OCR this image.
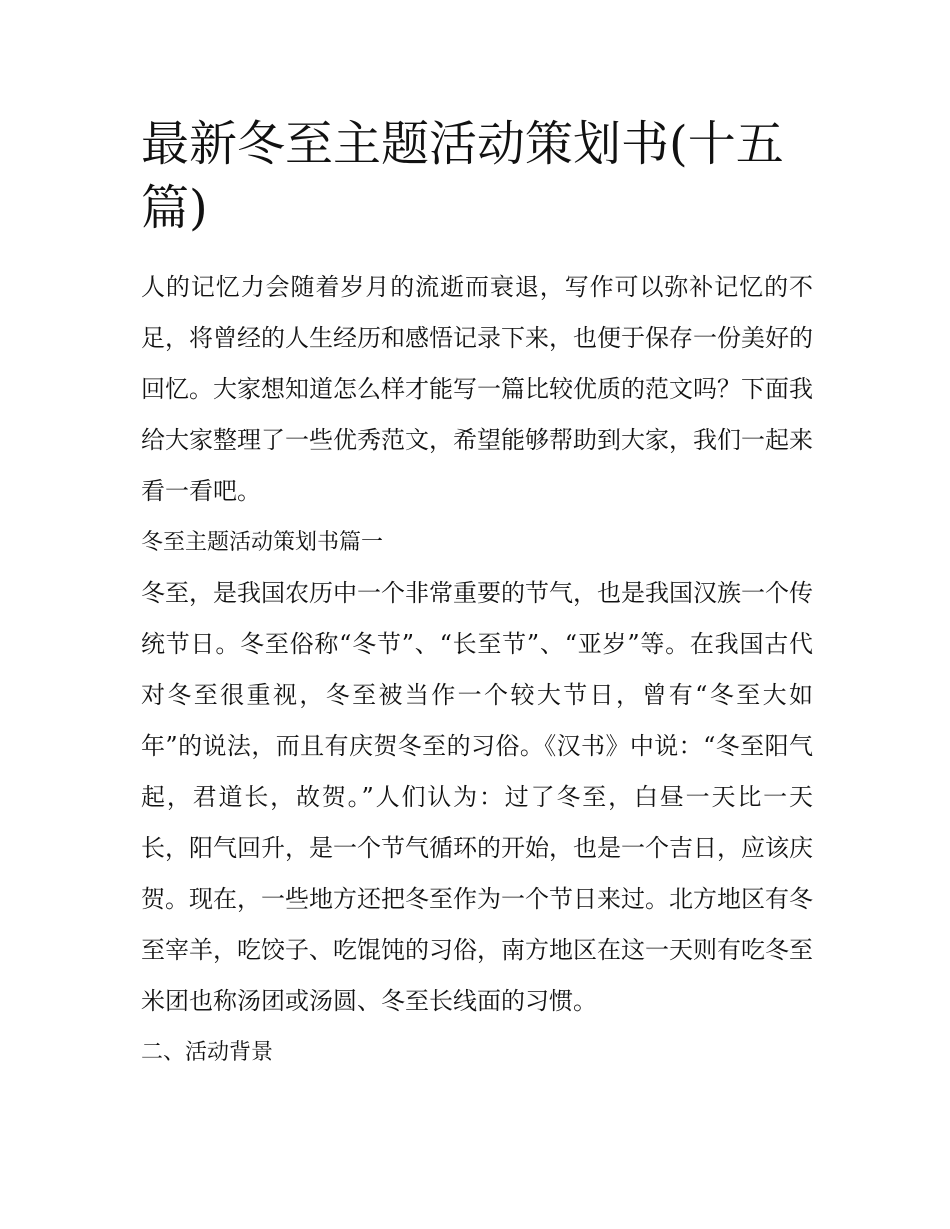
最新冬至主题活动策划书(十五篇)

人的记忆力会随着岁月的流逝而衰退，写作可以弥补记忆的不足，将曾经的人生经历和感悟记录下来，也便于保存一份美好的回忆。大家想知道怎么样才能写一篇比较优质的范文吗？下面我给大家整理了一些优秀范文，希望能够帮助到大家，我们一起来看一看吧。

冬至主题活动策划书篇一

冬至，是我国农历中一个非常重要的节气，也是我国汉族一个传统节日。冬至俗称“冬节”、“长至节”、“亚岁”等。在我国古代对冬至很重视，冬至被当作一个较大节日，曾有“冬至大如年”的说法，而且有庆贺冬至的习俗。《汉书》中说：“冬至阳气起，君道长，故贺。”人们认为：过了冬至，白昼一天比一天长，阳气回升，是一个节气循环的开始，也是一个吉日，应该庆贺。现在，一些地方还把冬至作为一个节日来过。北方地区有冬至宰羊，吃饺子、吃馄饨的习俗，南方地区在这一天则有吃冬至米团也称汤团或汤圆、冬至长线面的习惯。

二、活动背景
